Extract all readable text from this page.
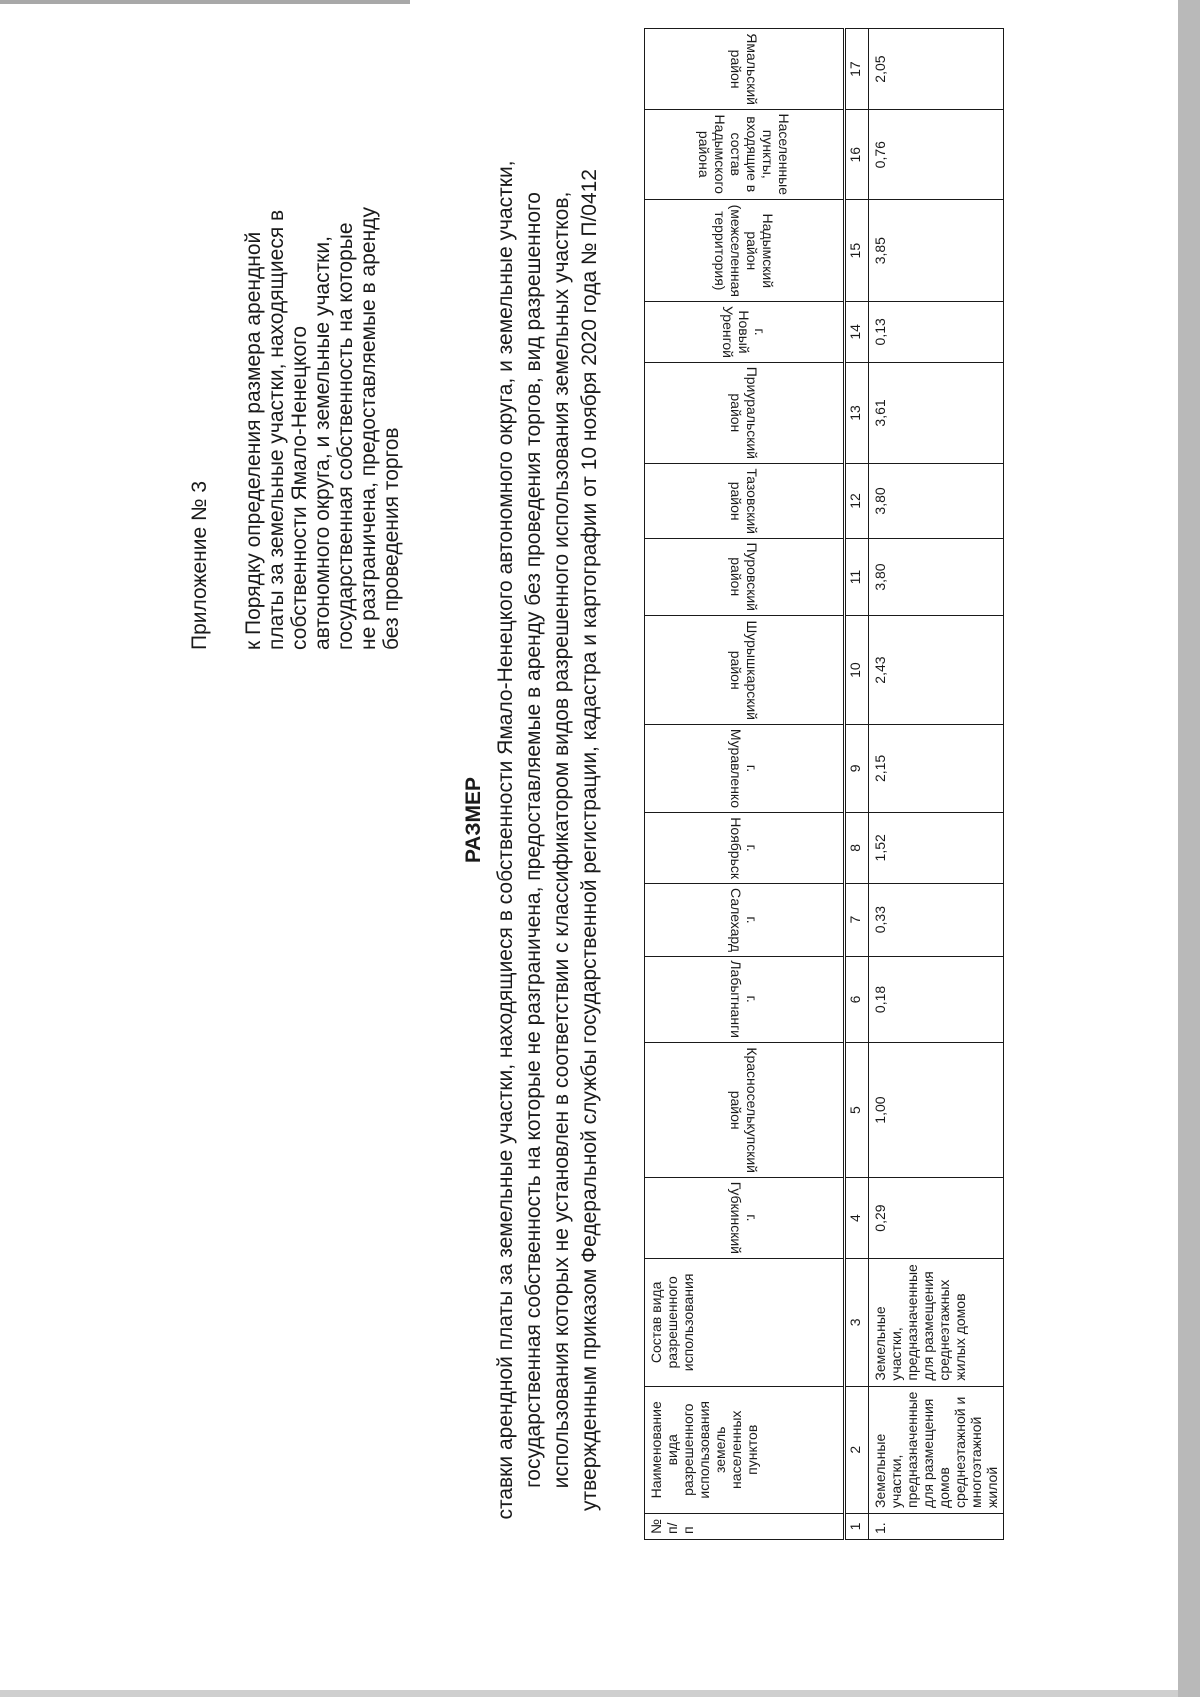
Приложение № 3 к Порядку определения размера арендной платы за земельные участки, находящиеся в собственности Ямало-Ненецкого автономного округа, и земельные участки, государственная собственность на которые не разграничена, предоставляемые в аренду без проведения торгов
РАЗМЕР ставки арендной платы за земельные участки, находящиеся в собственности Ямало-Ненецкого автономного округа, и земельные участки, государственная собственность на которые не разграничена, предоставляемые в аренду без проведения торгов, вид разрешенного использования которых не установлен в соответствии с классификатором видов разрешенного использования земельных участков, утвержденным приказом Федеральной службы государственной регистрации, кадастра и картографии от 10 ноября 2020 года № П/0412
№ п/п	Наименование вида разрешенного использования земель населенных пунктов	Состав вида разрешенного использования	г. Губкинский	Красноселькупский район	г. Лабытнанги	г. Салехард	г. Ноябрьск	г. Муравленко	Шурышкарский район	Пуровский район	Тазовский район	Приуральский район	г. Новый Уренгой	Надымский район (межселенная территория)	Населенные пункты, входящие в состав Надымского района	Ямальский район

1	2	3	4	5	6	7	8	9	10	11	12	13	14	15	16	17
1.	Земельные участки, предназначенные для размещения домов среднеэтажной и многоэтажной жилой	Земельные участки, предназначенные для размещения среднеэтажных жилых домов	0,29	1,00	0,18	0,33	1,52	2,15	2,43	3,80	3,80	3,61	0,13	3,85	0,76	2,05
